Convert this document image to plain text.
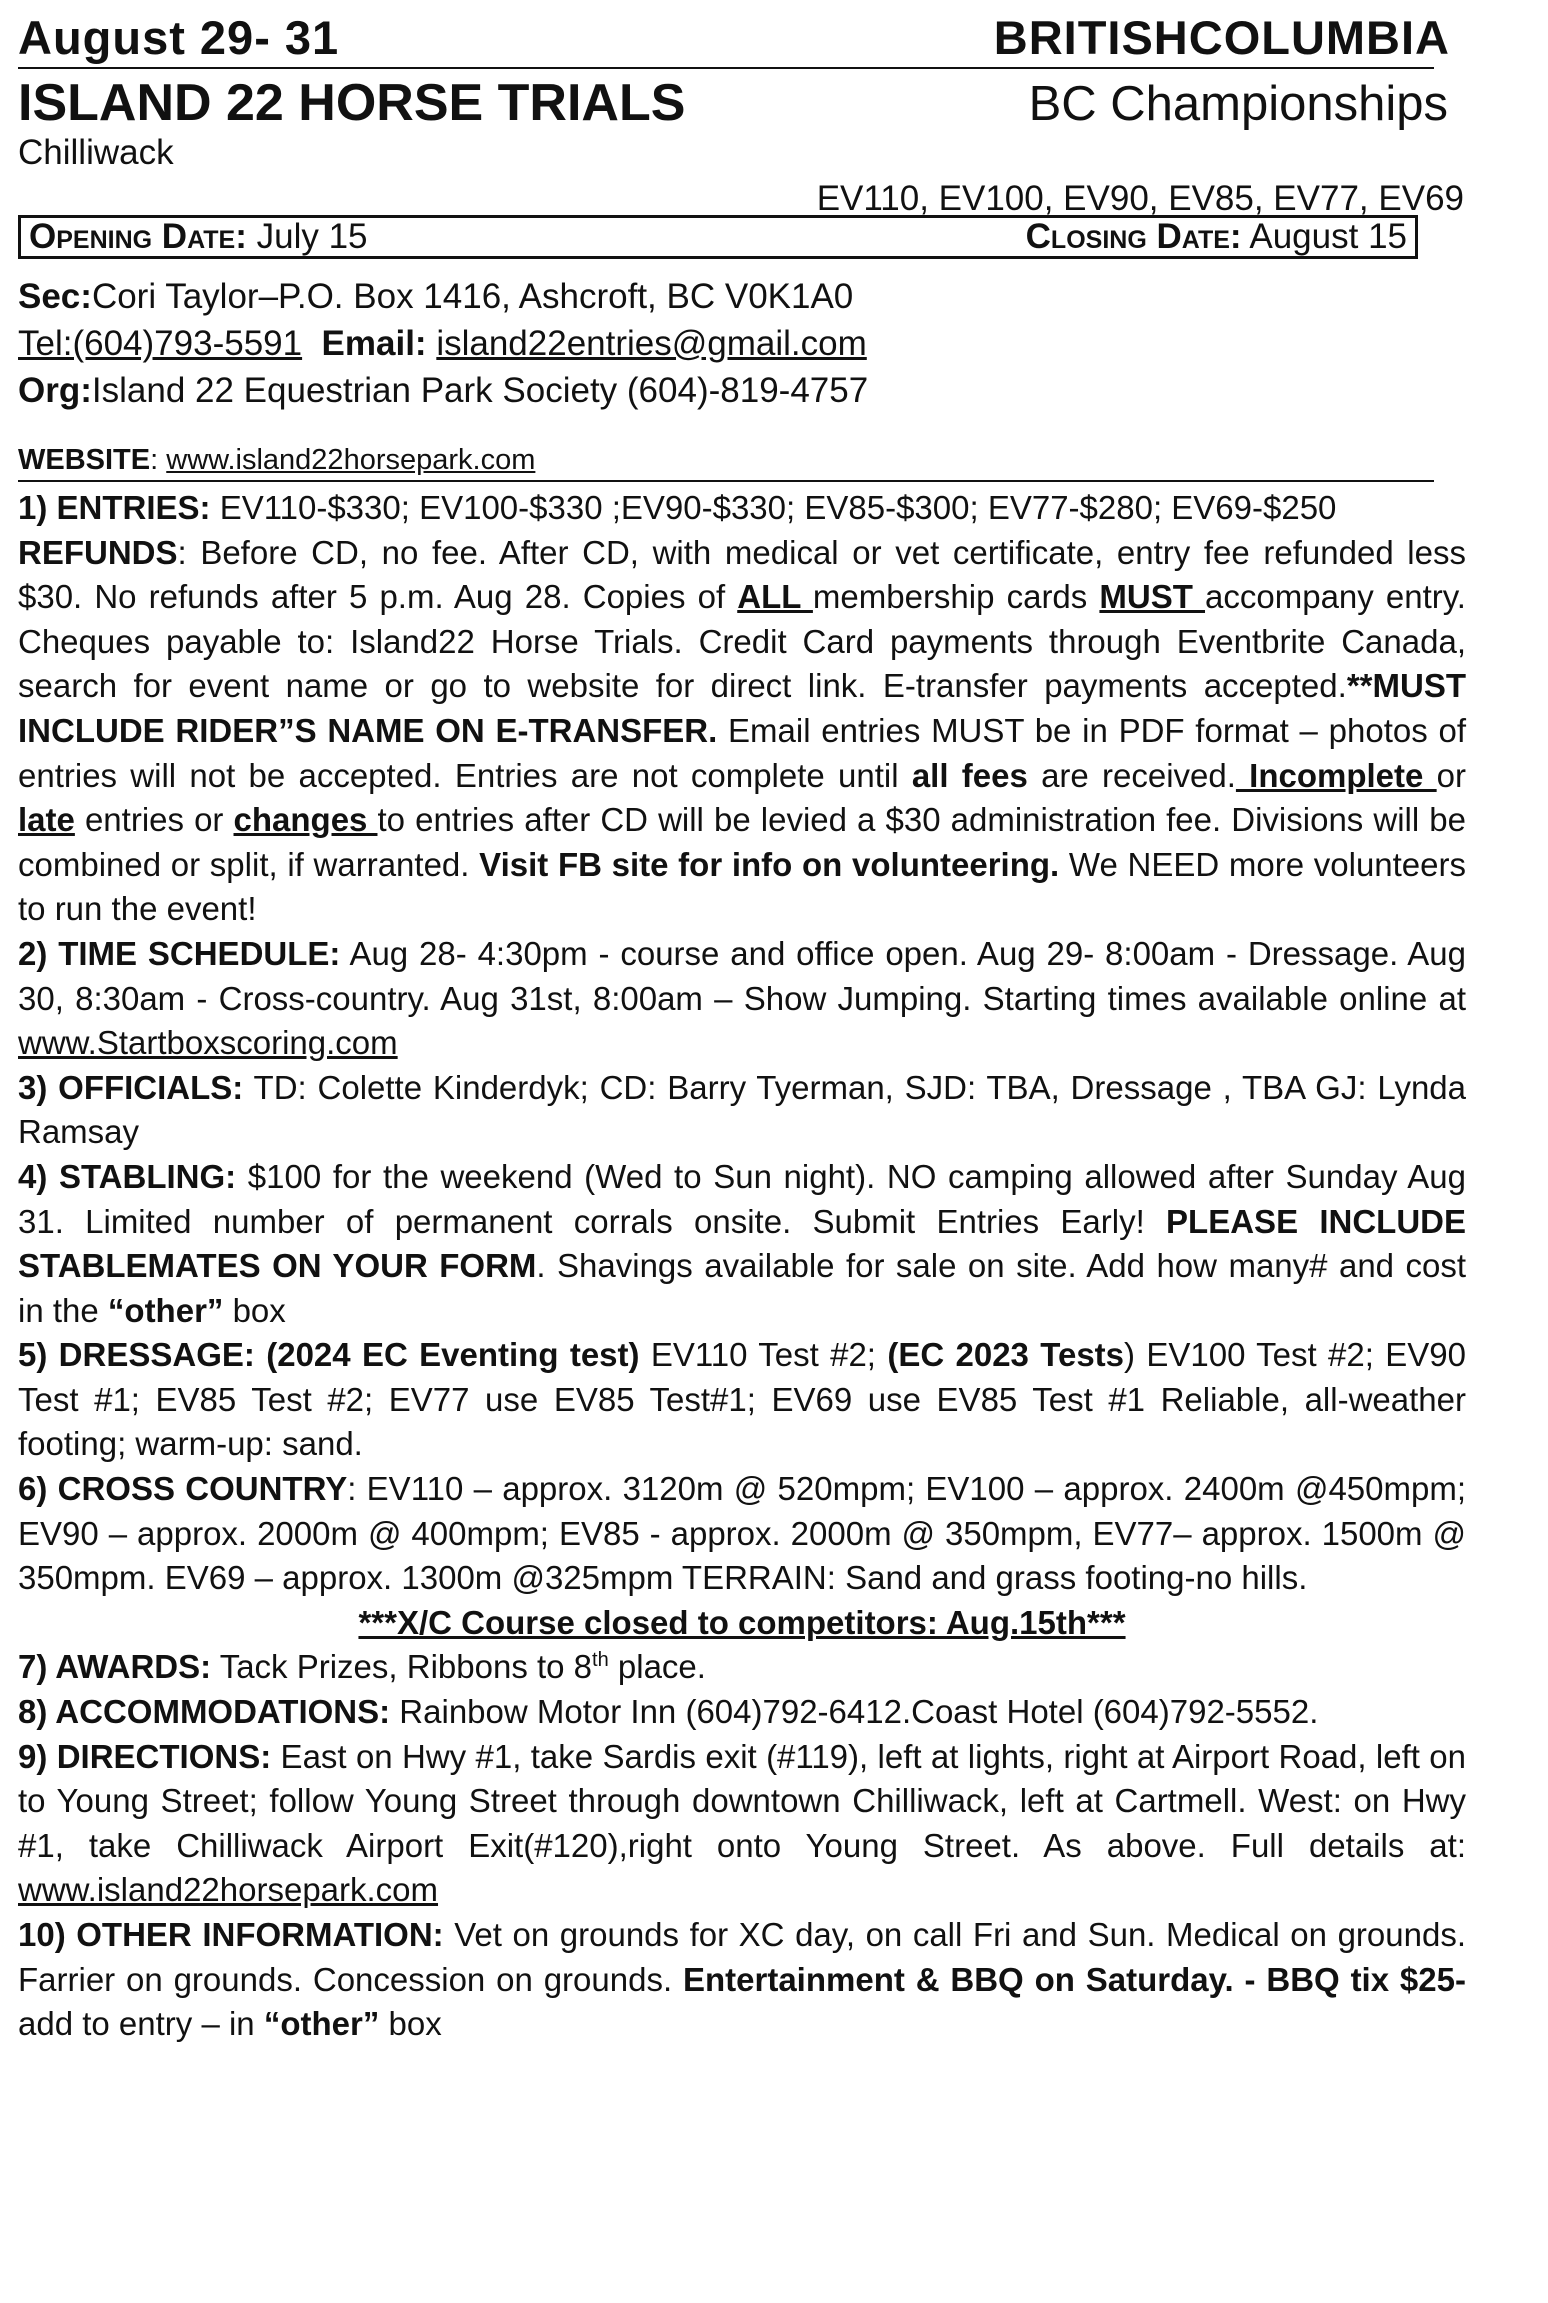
August 29- 31	BRITISHCOLUMBIA
ISLAND 22 HORSE TRIALS	BC Championships
Chilliwack
EV110, EV100, EV90, EV85, EV77, EV69
Opening Date: July 15	Closing Date: August 15
Sec:Cori Taylor–P.O. Box 1416, Ashcroft, BC V0K1A0
Tel:(604)793-5591 Email: island22entries@gmail.com
Org:Island 22 Equestrian Park Society (604)-819-4757
WEBSITE: www.island22horsepark.com

1) ENTRIES: EV110-$330; EV100-$330 ;EV90-$330; EV85-$300; EV77-$280; EV69-$250

REFUNDS: Before CD, no fee. After CD, with medical or vet certificate, entry fee refunded less $30. No refunds after 5 p.m. Aug 28. Copies of ALL membership cards MUST accompany entry. Cheques payable to: Island22 Horse Trials. Credit Card payments through Eventbrite Canada, search for event name or go to website for direct link. E-transfer payments accepted.**MUST INCLUDE RIDER”S NAME ON E-TRANSFER. Email entries MUST be in PDF format – photos of entries will not be accepted. Entries are not complete until all fees are received. Incomplete or late entries or changes to entries after CD will be levied a $30 administration fee. Divisions will be combined or split, if warranted. Visit FB site for info on volunteering. We NEED more volunteers to run the event!

2) TIME SCHEDULE: Aug 28- 4:30pm - course and office open. Aug 29- 8:00am - Dressage. Aug 30, 8:30am - Cross-country. Aug 31st, 8:00am – Show Jumping. Starting times available online at www.Startboxscoring.com

3) OFFICIALS: TD: Colette Kinderdyk; CD: Barry Tyerman, SJD: TBA, Dressage , TBA GJ: Lynda Ramsay

4) STABLING: $100 for the weekend (Wed to Sun night). NO camping allowed after Sunday Aug 31. Limited number of permanent corrals onsite. Submit Entries Early! PLEASE INCLUDE STABLEMATES ON YOUR FORM. Shavings available for sale on site. Add how many# and cost in the “other” box

5) DRESSAGE: (2024 EC Eventing test) EV110 Test #2; (EC 2023 Tests) EV100 Test #2; EV90 Test #1; EV85 Test #2; EV77 use EV85 Test#1; EV69 use EV85 Test #1 Reliable, all-weather footing; warm-up: sand.

6) CROSS COUNTRY: EV110 – approx. 3120m @ 520mpm; EV100 – approx. 2400m @450mpm; EV90 – approx. 2000m @ 400mpm; EV85 - approx. 2000m @ 350mpm, EV77– approx. 1500m @ 350mpm. EV69 – approx. 1300m @325mpm TERRAIN: Sand and grass footing-no hills.

***X/C Course closed to competitors: Aug.15th***

7) AWARDS: Tack Prizes, Ribbons to 8th place.

8) ACCOMMODATIONS: Rainbow Motor Inn (604)792-6412.Coast Hotel (604)792-5552.

9) DIRECTIONS: East on Hwy #1, take Sardis exit (#119), left at lights, right at Airport Road, left on to Young Street; follow Young Street through downtown Chilliwack, left at Cartmell. West: on Hwy #1, take Chilliwack Airport Exit(#120),right onto Young Street. As above. Full details at: www.island22horsepark.com

10) OTHER INFORMATION: Vet on grounds for XC day, on call Fri and Sun. Medical on grounds. Farrier on grounds. Concession on grounds. Entertainment & BBQ on Saturday. - BBQ tix $25- add to entry – in “other” box
